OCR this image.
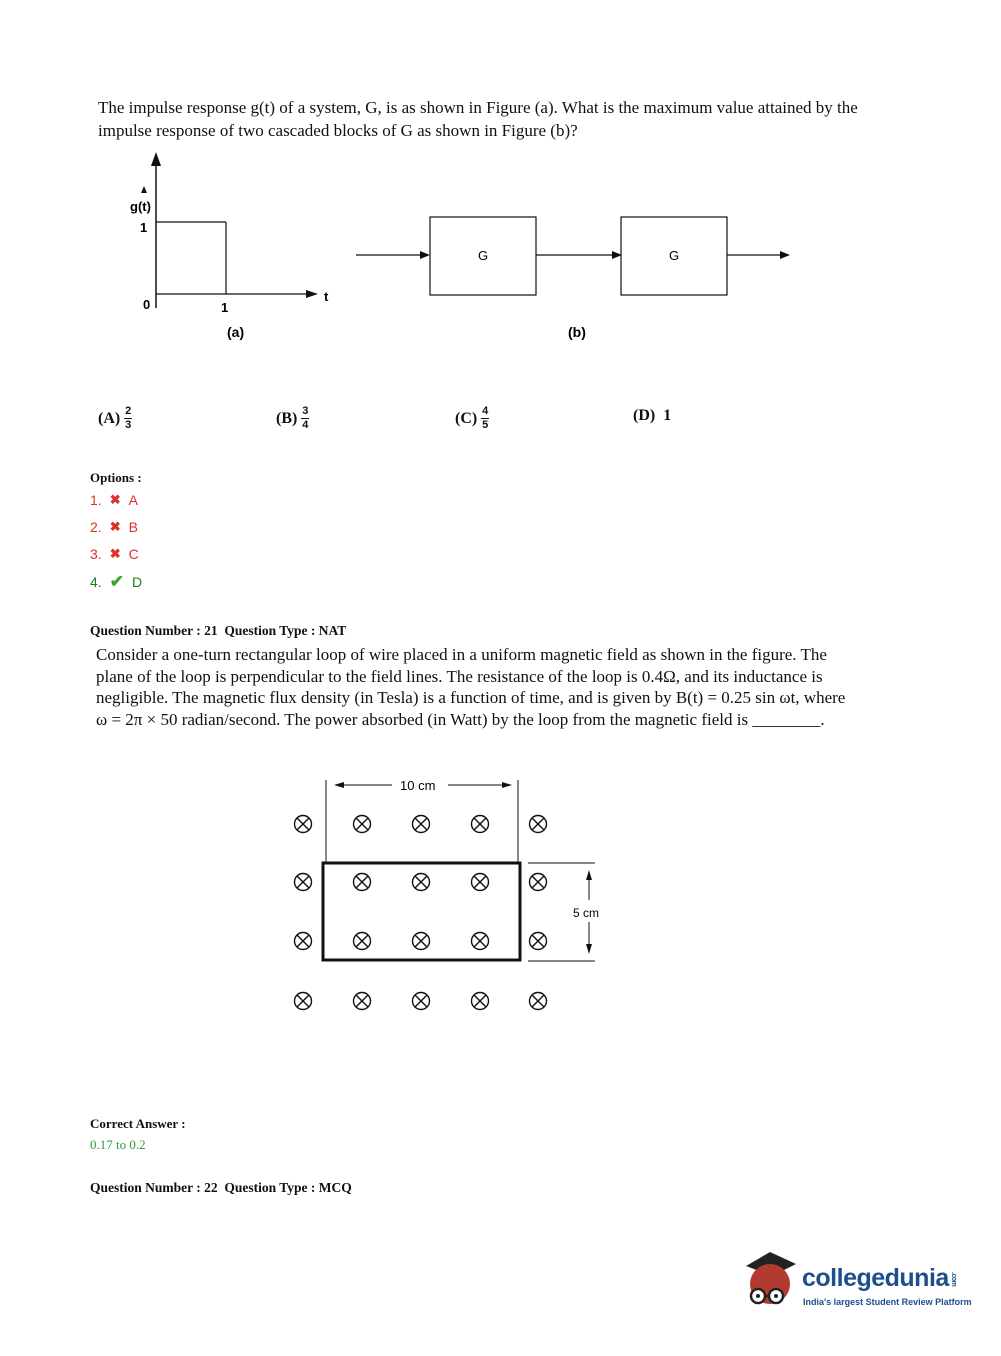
The impulse response g(t) of a system, G, is as shown in Figure (a). What is the maximum value attained by the impulse response of two cascaded blocks of G as shown in Figure (b)?
g(t)
1
0	1
t
(a)
G	G
(b)
$(A) \frac{2}{3}$	$(B) \frac{3}{4}$	$(C) \frac{4}{5}$	(D) 1
Options :
1. ✖ A
2. ✖ B
3. ✖ C
4. ✔ D
Question Number : 21 Question Type : NAT
Consider a one-turn rectangular loop of wire placed in a uniform magnetic field as shown in the figure. The plane of the loop is perpendicular to the field lines. The resistance of the loop is 0.4Ω, and its inductance is negligible. The magnetic flux density (in Tesla) is a function of time, and is given by B(t) = 0.25 sin ωt, where ω = 2π × 50 radian/second. The power absorbed (in Watt) by the loop from the magnetic field is ________.
10 cm
5 cm
Correct Answer :
0.17 to 0.2
Question Number : 22 Question Type : MCQ
collegedunia.com
India's largest Student Review Platform
